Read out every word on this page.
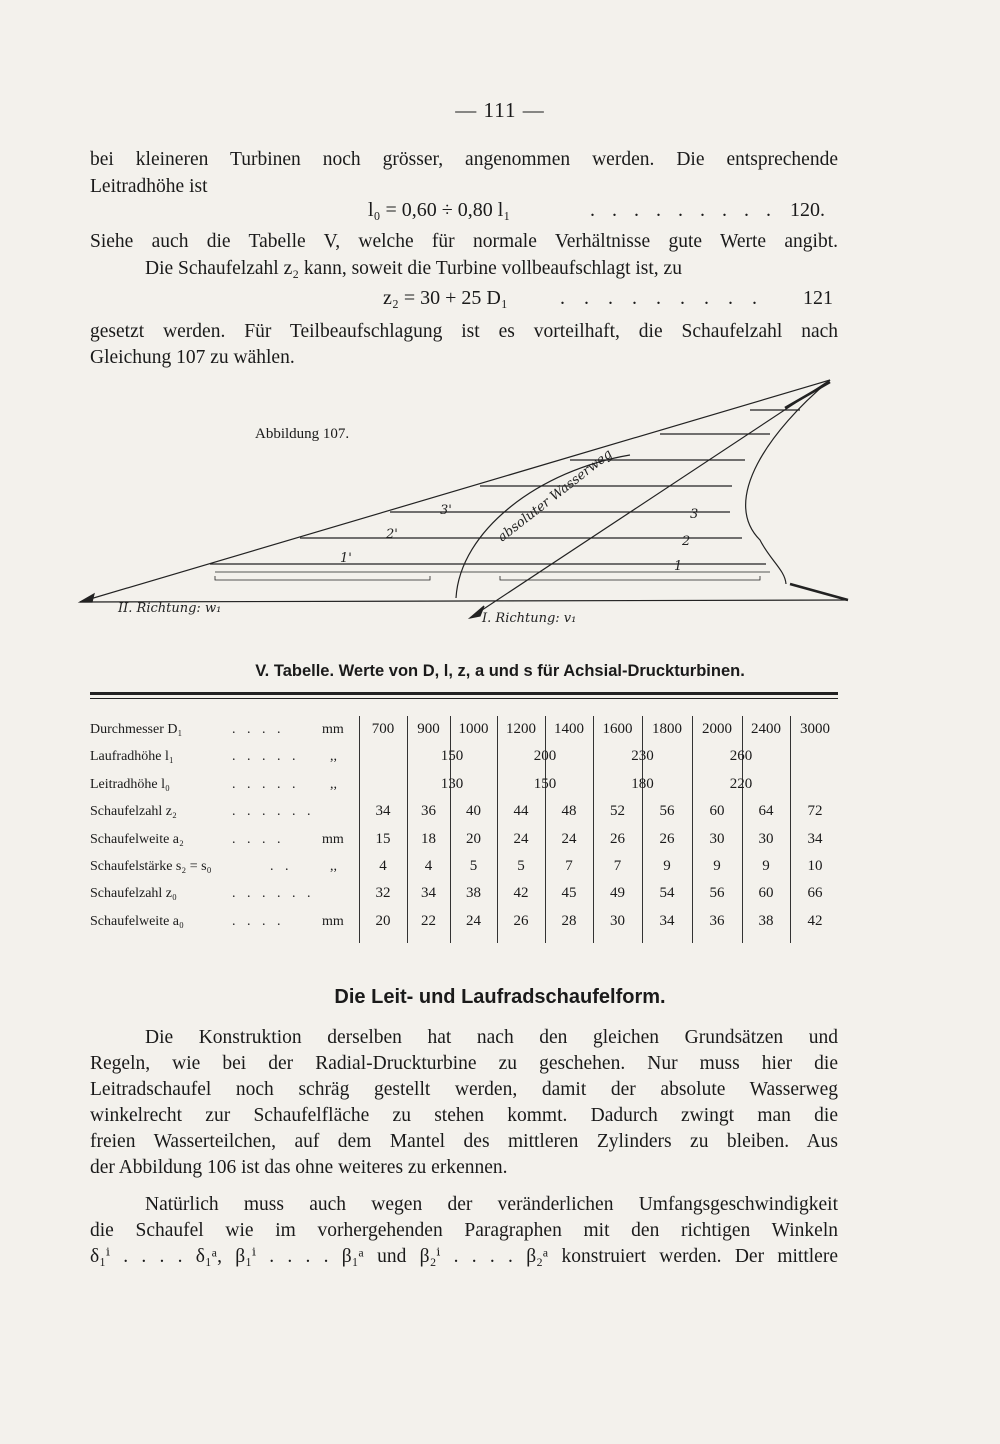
— 111 —
bei kleineren Turbinen noch grösser, angenommen werden. Die entsprechende
Leitradhöhe ist
l₀ = 0,60 ÷ 0,80 l₁	. . . . . . . . . 120.
Siehe auch die Tabelle V, welche für normale Verhältnisse gute Werte angibt.
Die Schaufelzahl z₂ kann, soweit die Turbine vollbeaufschlagt ist, zu
z₂ = 30 + 25 D₁	. . . . . . . . . 121
gesetzt werden. Für Teilbeaufschlagung ist es vorteilhaft, die Schaufelzahl nach
Gleichung 107 zu wählen.
Abbildung 107.
3'
2'
1'
3
2
1
absoluter Wasserweg
II. Richtung: w₁
I. Richtung: v₁
V. Tabelle. Werte von D, l, z, a und s für Achsial-Druckturbinen.
Durchmesser D₁	. . . .	mm	700	900	1000	1200	1400	1600	1800	2000	2400	3000
Laufradhöhe l₁	. . . . . ,,	150	200	230	260
Leitradhöhe l₀	. . . . . ,,	130	150	180	220
Schaufelzahl z₂	. . . . . .	34	36	40	44	48	52	56	60	64	72
Schaufelweite a₂	. . . .	mm	15	18	20	24	24	26	26	30	30	34
Schaufelstärke s₂ = s₀	. .	,,	4	4	5	5	7	7	9	9	9	10
Schaufelzahl z₀	. . . . . .	32	34	38	42	45	49	54	56	60	66
Schaufelweite a₀	. . . .	mm	20	22	24	26	28	30	34	36	38	42
Die Leit- und Laufradschaufelform.
Die Konstruktion derselben hat nach den gleichen Grundsätzen und
Regeln, wie bei der Radial-Druckturbine zu geschehen. Nur muss hier die
Leitradschaufel noch schräg gestellt werden, damit der absolute Wasserweg
winkelrecht zur Schaufelfläche zu stehen kommt. Dadurch zwingt man die
freien Wasserteilchen, auf dem Mantel des mittleren Zylinders zu bleiben. Aus
der Abbildung 106 ist das ohne weiteres zu erkennen.
Natürlich muss auch wegen der veränderlichen Umfangsgeschwindigkeit
die Schaufel wie im vorhergehenden Paragraphen mit den richtigen Winkeln
δ₁ⁱ . . . . δ₁ᵃ, β₁ⁱ . . . . β₁ᵃ und β₂ⁱ . . . . β₂ᵃ konstruiert werden. Der mittlere
